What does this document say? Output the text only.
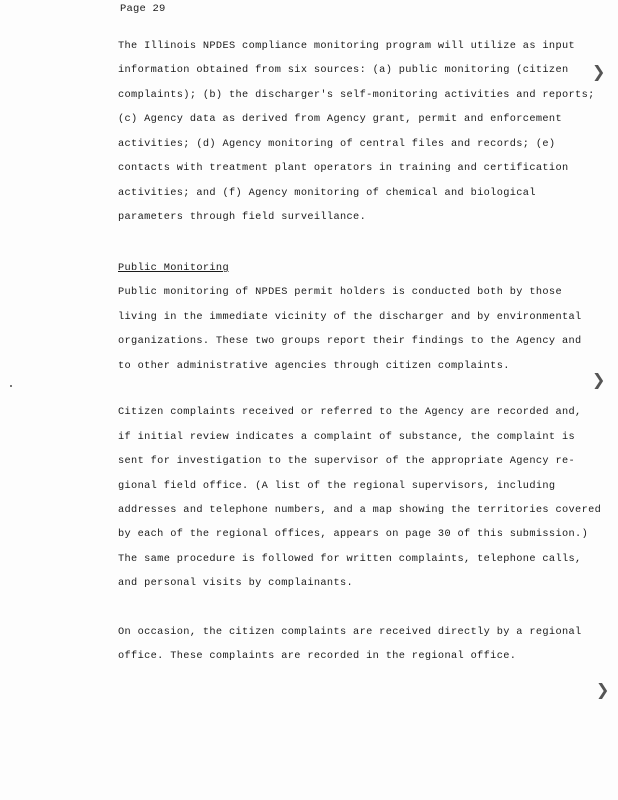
Page 29
The Illinois NPDES compliance monitoring program will utilize as input
information obtained from six sources: (a) public monitoring (citizen
complaints); (b) the discharger's self-monitoring activities and reports;
(c) Agency data as derived from Agency grant, permit and enforcement
activities; (d) Agency monitoring of central files and records; (e)
contacts with treatment plant operators in training and certification
activities; and (f) Agency monitoring of chemical and biological
parameters through field surveillance.
Public Monitoring
Public monitoring of NPDES permit holders is conducted both by those
living in the immediate vicinity of the discharger and by environmental
organizations. These two groups report their findings to the Agency and
to other administrative agencies through citizen complaints.
Citizen complaints received or referred to the Agency are recorded and,
if initial review indicates a complaint of substance, the complaint is
sent for investigation to the supervisor of the appropriate Agency re-
gional field office. (A list of the regional supervisors, including
addresses and telephone numbers, and a map showing the territories covered
by each of the regional offices, appears on page 30 of this submission.)
The same procedure is followed for written complaints, telephone calls,
and personal visits by complainants.
On occasion, the citizen complaints are received directly by a regional
office. These complaints are recorded in the regional office.
❯
❯
❯
